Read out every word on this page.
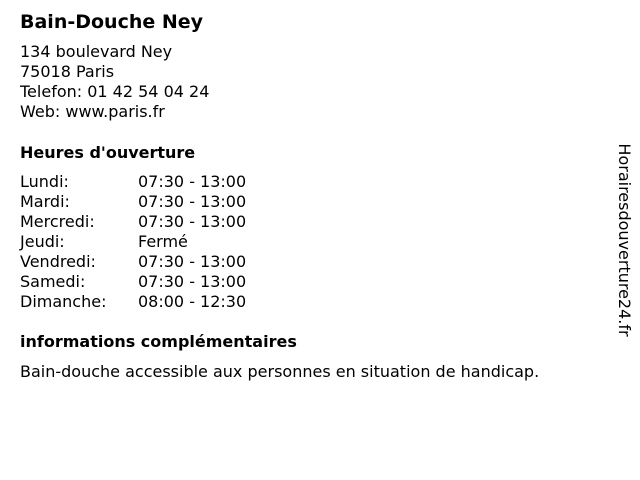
Bain-Douche Ney
134 boulevard Ney
75018 Paris
Telefon: 01 42 54 04 24
Web: www.paris.fr
Heures d'ouverture
Lundi:	07:30 - 13:00
Mardi:	07:30 - 13:00
Mercredi:	07:30 - 13:00
Jeudi:	Fermé
Vendredi:	07:30 - 13:00
Samedi:	07:30 - 13:00
Dimanche:	08:00 - 12:30
informations complémentaires
Bain-douche accessible aux personnes en situation de handicap.
Horairesdouverture24.fr
